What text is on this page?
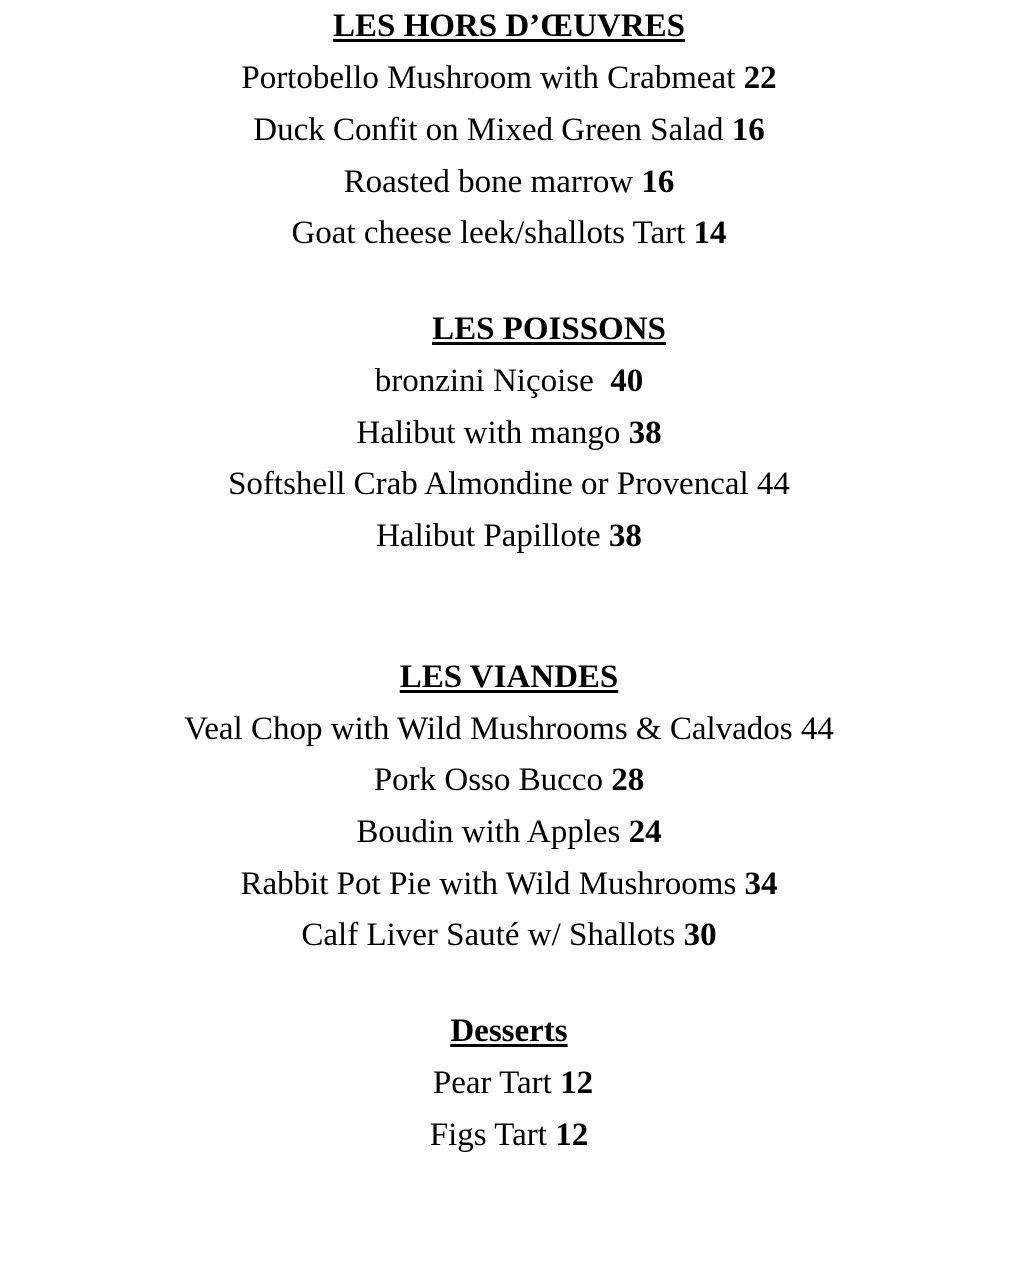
LES HORS D’ŒUVRES
Portobello Mushroom with Crabmeat 22
Duck Confit on Mixed Green Salad 16
Roasted bone marrow 16
Goat cheese leek/shallots Tart 14
LES POISSONS
bronzini Niçoise  40
Halibut with mango 38
Softshell Crab Almondine or Provencal 44
Halibut Papillote 38
LES VIANDES
Veal Chop with Wild Mushrooms & Calvados 44
Pork Osso Bucco 28
Boudin with Apples 24
Rabbit Pot Pie with Wild Mushrooms 34
Calf Liver Sauté w/ Shallots 30
Desserts
Pear Tart 12
Figs Tart 12
